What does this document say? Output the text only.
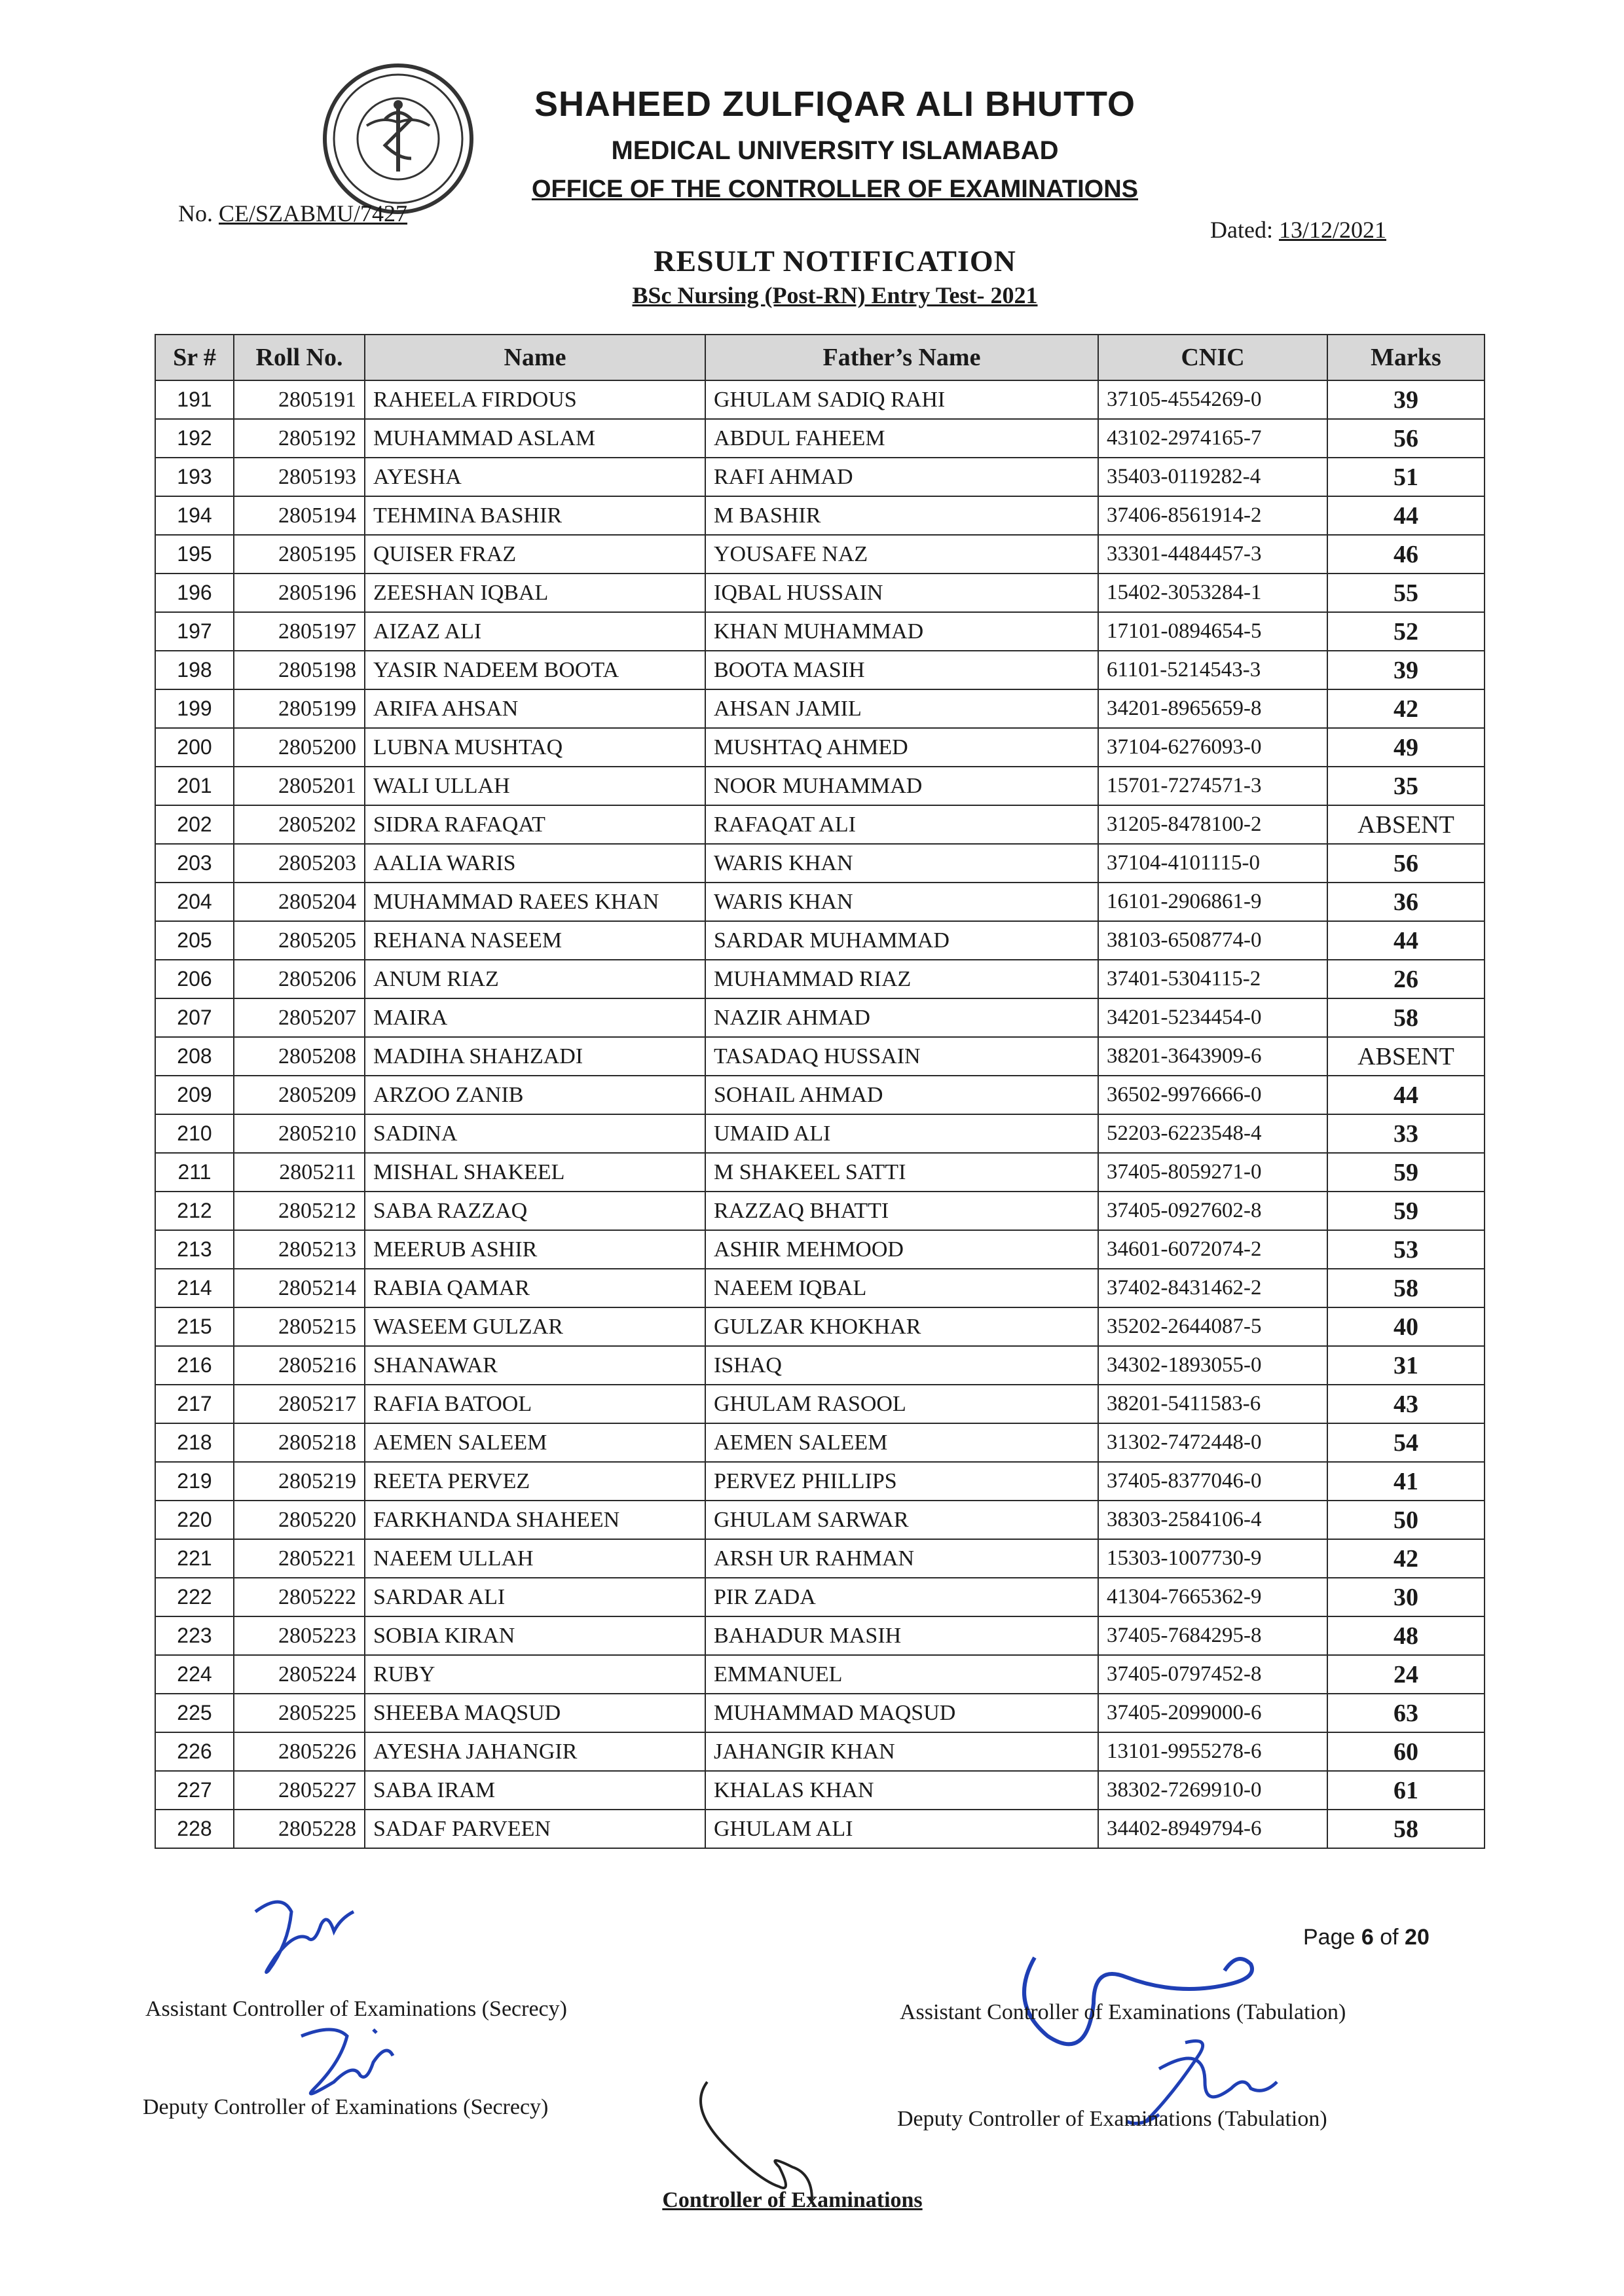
SHAHEED ZULFIQAR ALI BHUTTO
MEDICAL UNIVERSITY ISLAMABAD
OFFICE OF THE CONTROLLER OF EXAMINATIONS
No. CE/SZABMU/7427
Dated: 13/12/2021
RESULT NOTIFICATION
BSc Nursing (Post-RN) Entry Test- 2021
Sr #	Roll No.	Name	Father’s Name	CNIC	Marks
191	2805191	RAHEELA FIRDOUS	GHULAM SADIQ RAHI	37105-4554269-0	39
192	2805192	MUHAMMAD ASLAM	ABDUL FAHEEM	43102-2974165-7	56
193	2805193	AYESHA	RAFI AHMAD	35403-0119282-4	51
194	2805194	TEHMINA BASHIR	M BASHIR	37406-8561914-2	44
195	2805195	QUISER FRAZ	YOUSAFE NAZ	33301-4484457-3	46
196	2805196	ZEESHAN IQBAL	IQBAL HUSSAIN	15402-3053284-1	55
197	2805197	AIZAZ ALI	KHAN MUHAMMAD	17101-0894654-5	52
198	2805198	YASIR NADEEM BOOTA	BOOTA MASIH	61101-5214543-3	39
199	2805199	ARIFA AHSAN	AHSAN JAMIL	34201-8965659-8	42
200	2805200	LUBNA MUSHTAQ	MUSHTAQ AHMED	37104-6276093-0	49
201	2805201	WALI ULLAH	NOOR MUHAMMAD	15701-7274571-3	35
202	2805202	SIDRA RAFAQAT	RAFAQAT ALI	31205-8478100-2	ABSENT
203	2805203	AALIA WARIS	WARIS KHAN	37104-4101115-0	56
204	2805204	MUHAMMAD RAEES KHAN	WARIS KHAN	16101-2906861-9	36
205	2805205	REHANA NASEEM	SARDAR MUHAMMAD	38103-6508774-0	44
206	2805206	ANUM RIAZ	MUHAMMAD RIAZ	37401-5304115-2	26
207	2805207	MAIRA	NAZIR AHMAD	34201-5234454-0	58
208	2805208	MADIHA SHAHZADI	TASADAQ HUSSAIN	38201-3643909-6	ABSENT
209	2805209	ARZOO ZANIB	SOHAIL AHMAD	36502-9976666-0	44
210	2805210	SADINA	UMAID ALI	52203-6223548-4	33
211	2805211	MISHAL SHAKEEL	M SHAKEEL SATTI	37405-8059271-0	59
212	2805212	SABA RAZZAQ	RAZZAQ BHATTI	37405-0927602-8	59
213	2805213	MEERUB ASHIR	ASHIR MEHMOOD	34601-6072074-2	53
214	2805214	RABIA QAMAR	NAEEM IQBAL	37402-8431462-2	58
215	2805215	WASEEM GULZAR	GULZAR KHOKHAR	35202-2644087-5	40
216	2805216	SHANAWAR	ISHAQ	34302-1893055-0	31
217	2805217	RAFIA BATOOL	GHULAM RASOOL	38201-5411583-6	43
218	2805218	AEMEN SALEEM	AEMEN SALEEM	31302-7472448-0	54
219	2805219	REETA PERVEZ	PERVEZ PHILLIPS	37405-8377046-0	41
220	2805220	FARKHANDA SHAHEEN	GHULAM SARWAR	38303-2584106-4	50
221	2805221	NAEEM ULLAH	ARSH UR RAHMAN	15303-1007730-9	42
222	2805222	SARDAR ALI	PIR ZADA	41304-7665362-9	30
223	2805223	SOBIA KIRAN	BAHADUR MASIH	37405-7684295-8	48
224	2805224	RUBY	EMMANUEL	37405-0797452-8	24
225	2805225	SHEEBA MAQSUD	MUHAMMAD MAQSUD	37405-2099000-6	63
226	2805226	AYESHA JAHANGIR	JAHANGIR KHAN	13101-9955278-6	60
227	2805227	SABA IRAM	KHALAS KHAN	38302-7269910-0	61
228	2805228	SADAF PARVEEN	GHULAM ALI	34402-8949794-6	58
Page 6 of 20
Assistant Controller of Examinations (Secrecy)
Deputy Controller of Examinations (Secrecy)
Assistant Controller of Examinations (Tabulation)
Deputy Controller of Examinations (Tabulation)
Controller of Examinations
